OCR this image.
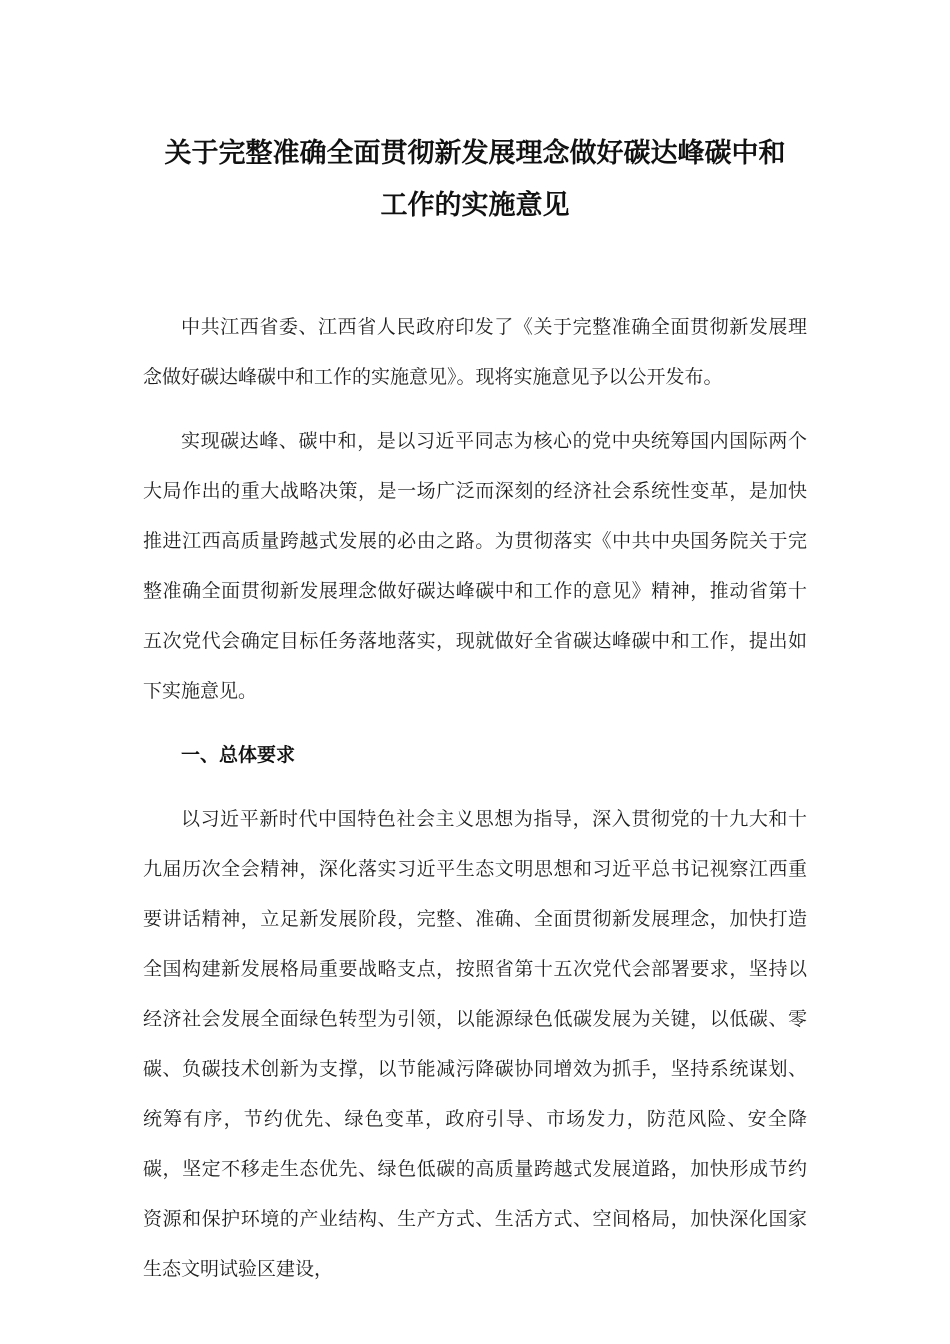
关于完整准确全面贯彻新发展理念做好碳达峰碳中和
工作的实施意见

中共江西省委、江西省人民政府印发了《关于完整准确全面贯彻新发展理念做好碳达峰碳中和工作的实施意见》。现将实施意见予以公开发布。

实现碳达峰、碳中和，是以习近平同志为核心的党中央统筹国内国际两个大局作出的重大战略决策，是一场广泛而深刻的经济社会系统性变革，是加快推进江西高质量跨越式发展的必由之路。为贯彻落实《中共中央国务院关于完整准确全面贯彻新发展理念做好碳达峰碳中和工作的意见》精神，推动省第十五次党代会确定目标任务落地落实，现就做好全省碳达峰碳中和工作，提出如下实施意见。

一、总体要求

以习近平新时代中国特色社会主义思想为指导，深入贯彻党的十九大和十九届历次全会精神，深化落实习近平生态文明思想和习近平总书记视察江西重要讲话精神，立足新发展阶段，完整、准确、全面贯彻新发展理念，加快打造全国构建新发展格局重要战略支点，按照省第十五次党代会部署要求，坚持以经济社会发展全面绿色转型为引领，以能源绿色低碳发展为关键，以低碳、零碳、负碳技术创新为支撑，以节能减污降碳协同增效为抓手，坚持系统谋划、统筹有序，节约优先、绿色变革，政府引导、市场发力，防范风险、安全降碳，坚定不移走生态优先、绿色低碳的高质量跨越式发展道路，加快形成节约资源和保护环境的产业结构、生产方式、生活方式、空间格局，加快深化国家生态文明试验区建设，
